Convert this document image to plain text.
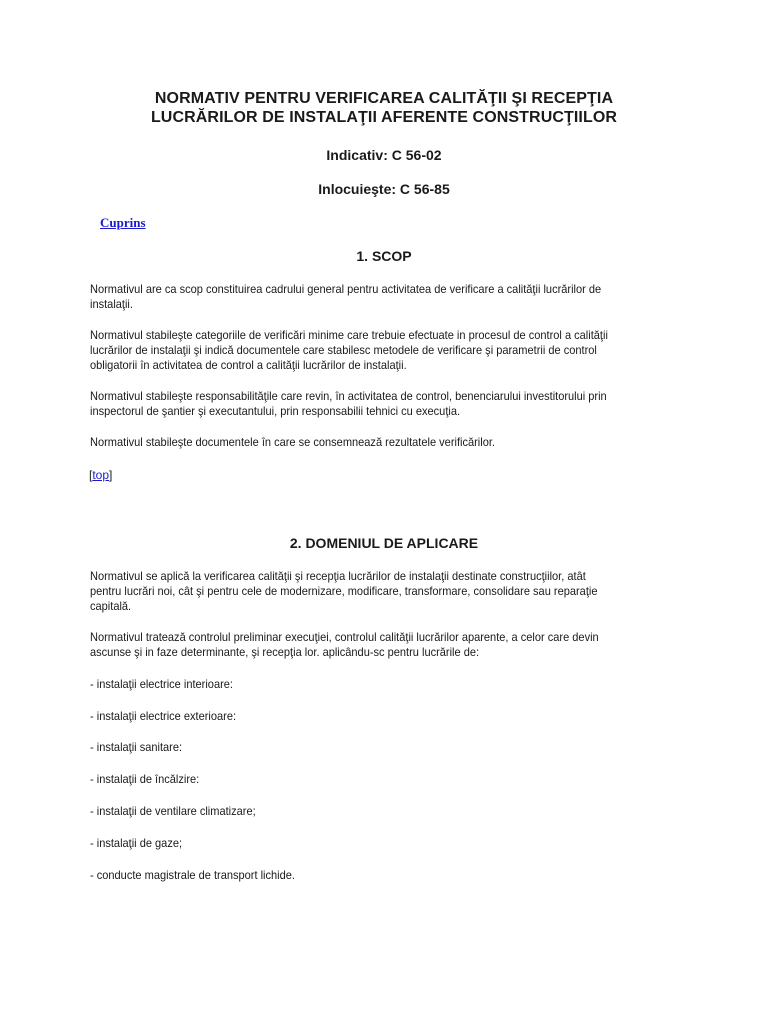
NORMATIV PENTRU VERIFICAREA CALITĂŢII ŞI RECEPŢIA
LUCRĂRILOR DE INSTALAŢII AFERENTE CONSTRUCŢIILOR

Indicativ: C 56-02

Inlocuieşte: C 56-85

Cuprins
1. SCOP

Normativul are ca scop constituirea cadrului general pentru activitatea de verificare a calităţii lucrărilor de
instalaţii.

Normativul stabileşte categoriile de verificări minime care trebuie efectuate in procesul de control a calităţii
lucrărilor de instalaţii şi indică documentele care stabilesc metodele de verificare şi parametrii de control
obligatorii în activitatea de control a calităţii lucrărilor de instalaţii.

Normativul stabileşte responsabilităţile care revin, în activitatea de control, benenciarului investitorului prin
inspectorul de şantier şi executantului, prin responsabilii tehnici cu execuţia.

Normativul stabileşte documentele în care se consemnează rezultatele verificărilor.

[top]
2. DOMENIUL DE APLICARE

Normativul se aplică la verificarea calităţii şi recepţia lucrărilor de instalaţii destinate construcţiilor, atât
pentru lucrări noi, cât şi pentru cele de modernizare, modificare, transformare, consolidare sau reparaţie
capitală.

Normativul tratează controlul preliminar execuţiei, controlul calităţii lucrărilor aparente, a celor care devin
ascunse şi in faze determinante, şi recepţia lor. aplicându-sc pentru lucrările de:

- instalaţii electrice interioare:

- instalaţii electrice exterioare:

- instalaţii sanitare:

- instalaţii de încălzire:

- instalaţii de ventilare climatizare;

- instalaţii de gaze;

- conducte magistrale de transport lichide.
